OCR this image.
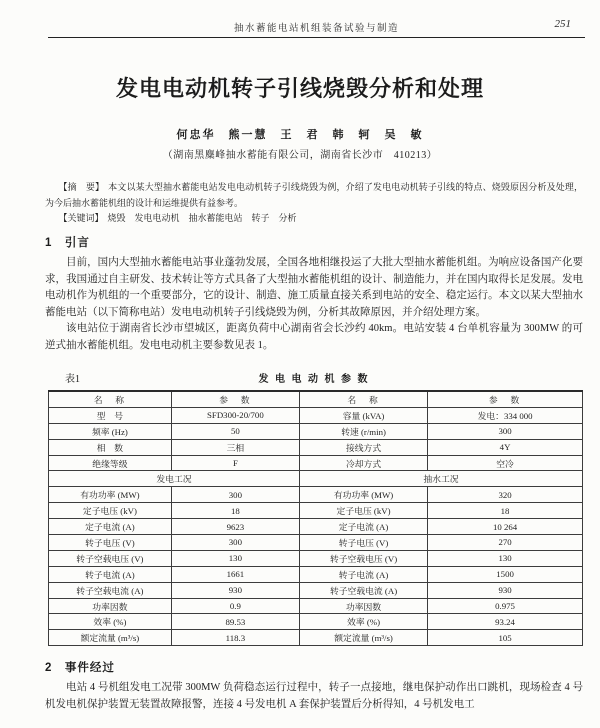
抽水蓄能电站机组装备试验与制造	251
发电电动机转子引线烧毁分析和处理
何忠华　熊一慧　王　君　韩　轲　吴　敏
（湖南黑麋峰抽水蓄能有限公司，湖南省长沙市　410213）

【摘　要】 本文以某大型抽水蓄能电站发电电动机转子引线烧毁为例，介绍了发电电动机转子引线的特点、烧毁原因分析及处理，为今后抽水蓄能机组的设计和运维提供有益参考。

【关键词】 烧毁　发电电动机　抽水蓄能电站　转子　分析
1　引言

目前，国内大型抽水蓄能电站事业蓬勃发展，全国各地相继投运了大批大型抽水蓄能机组。为响应设备国产化要求，我国通过自主研发、技术转让等方式具备了大型抽水蓄能机组的设计、制造能力，并在国内取得长足发展。发电电动机作为机组的一个重要部分，它的设计、制造、施工质量直接关系到电站的安全、稳定运行。本文以某大型抽水蓄能电站（以下简称电站）发电电动机转子引线烧毁为例，分析其故障原因，并介绍处理方案。

该电站位于湖南省长沙市望城区，距离负荷中心湖南省会长沙约 40km。电站安装 4 台单机容量为 300MW 的可逆式抽水蓄能机组。发电电动机主要参数见表 1。

表1	发 电 电 动 机 参 数
名　称	参　数	名　称	参　数
型　号	SFD300-20/700	容量 (kVA)	发电：334 000
频率 (Hz)	50	转速 (r/min)	300
相　数	三相	接线方式	4Y
绝缘等级	F	冷却方式	空冷
发电工况		抽水工况	
有功功率 (MW)	300	有功功率 (MW)	320
定子电压 (kV)	18	定子电压 (kV)	18
定子电流 (A)	9623	定子电流 (A)	10 264
转子电压 (V)	300	转子电压 (V)	270
转子空载电压 (V)	130	转子空载电压 (V)	130
转子电流 (A)	1661	转子电流 (A)	1500
转子空载电流 (A)	930	转子空载电流 (A)	930
功率因数	0.9	功率因数	0.975
效率 (%)	89.53	效率 (%)	93.24
额定流量 (m³/s)	118.3	额定流量 (m³/s)	105
2　事件经过

电站 4 号机组发电工况带 300MW 负荷稳态运行过程中，转子一点接地，继电保护动作出口跳机，现场检查 4 号机发电机保护装置无装置故障报警，连接 4 号发电机 A 套保护装置后分析得知，4 号机发电工
